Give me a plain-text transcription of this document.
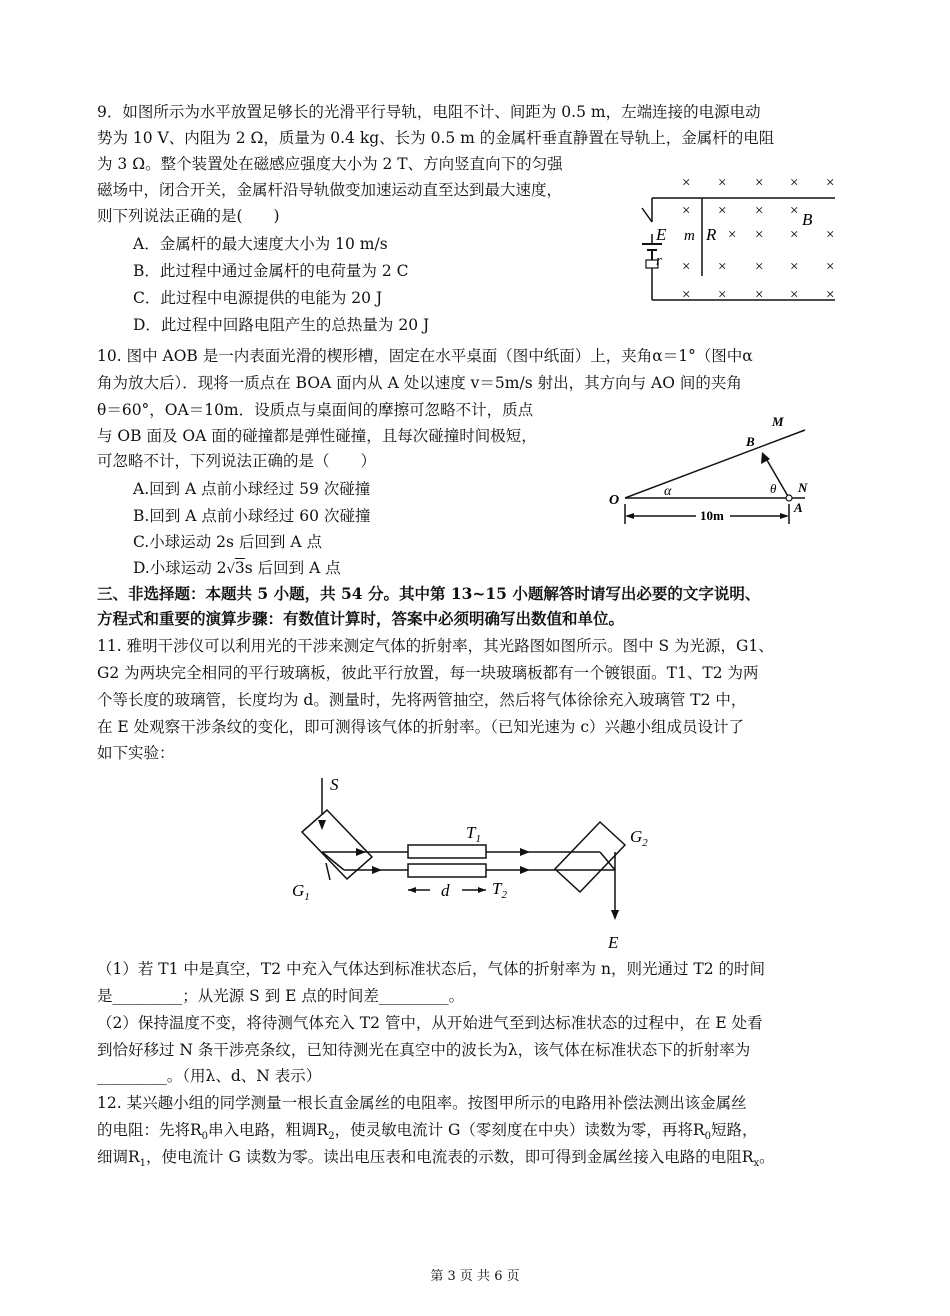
9．如图所示为水平放置足够长的光滑平行导轨，电阻不计、间距为 0.5 m，左端连接的电源电动
势为 10 V、内阻为 2 Ω，质量为 0.4 kg、长为 0.5 m 的金属杆垂直静置在导轨上，金属杆的电阻
为 3 Ω。整个装置处在磁感应强度大小为 2 T、方向竖直向下的匀强
磁场中，闭合开关，金属杆沿导轨做变加速运动直至达到最大速度，
则下列说法正确的是(　　)
A．金属杆的最大速度大小为 10 m/s
B．此过程中通过金属杆的电荷量为 2 C
C．此过程中电源提供的电能为 20 J
D．此过程中回路电阻产生的总热量为 20 J
E m R
r
B
× × × × ×
× × × ×
× × × ×
× × × × ×
× × × × ×
10. 图中 AOB 是一内表面光滑的楔形槽，固定在水平桌面（图中纸面）上，夹角α＝1°（图中α
角为放大后）．现将一质点在 BOA 面内从 A 处以速度 v＝5m/s 射出，其方向与 AO 间的夹角
θ＝60°，OA＝10m．设质点与桌面间的摩擦可忽略不计，质点
与 OB 面及 OA 面的碰撞都是弹性碰撞，且每次碰撞时间极短，
可忽略不计，下列说法正确的是（　　）
A.回到 A 点前小球经过 59 次碰撞
B.回到 A 点前小球经过 60 次碰撞
C.小球运动 2s 后回到 A 点
D.小球运动 2√3s 后回到 A 点
M
B
O
α	θ N
A
10m
三、非选择题：本题共 5 小题，共 54 分。其中第 13~15 小题解答时请写出必要的文字说明、
方程式和重要的演算步骤：有数值计算时，答案中必须明确写出数值和单位。
11. 雅明干涉仪可以利用光的干涉来测定气体的折射率，其光路图如图所示。图中 S 为光源，G1、
G2 为两块完全相同的平行玻璃板，彼此平行放置，每一块玻璃板都有一个镀银面。T1、T2 为两
个等长度的玻璃管，长度均为 d。测量时，先将两管抽空，然后将气体徐徐充入玻璃管 T2 中，
在 E 处观察干涉条纹的变化，即可测得该气体的折射率。（已知光速为 c）兴趣小组成员设计了
如下实验：
S
$T_1$
$T_2$
$G_1$
$G_2$
d
E
（1）若 T1 中是真空，T2 中充入气体达到标准状态后，气体的折射率为 n，则光通过 T2 的时间
是_________；从光源 S 到 E 点的时间差_________。
（2）保持温度不变，将待测气体充入 T2 管中，从开始进气至到达标准状态的过程中，在 E 处看
到恰好移过 N 条干涉亮条纹，已知待测光在真空中的波长为λ，该气体在标准状态下的折射率为
_________。（用λ、d、N 表示）
12. 某兴趣小组的同学测量一根长直金属丝的电阻率。按图甲所示的电路用补偿法测出该金属丝
的电阻：先将$R_0$串入电路，粗调$R_2$，使灵敏电流计 G（零刻度在中央）读数为零，再将$R_0$短路，
细调$R_1$，使电流计 G 读数为零。读出电压表和电流表的示数，即可得到金属丝接入电路的电阻$R_x$。
第 3 页 共 6 页
